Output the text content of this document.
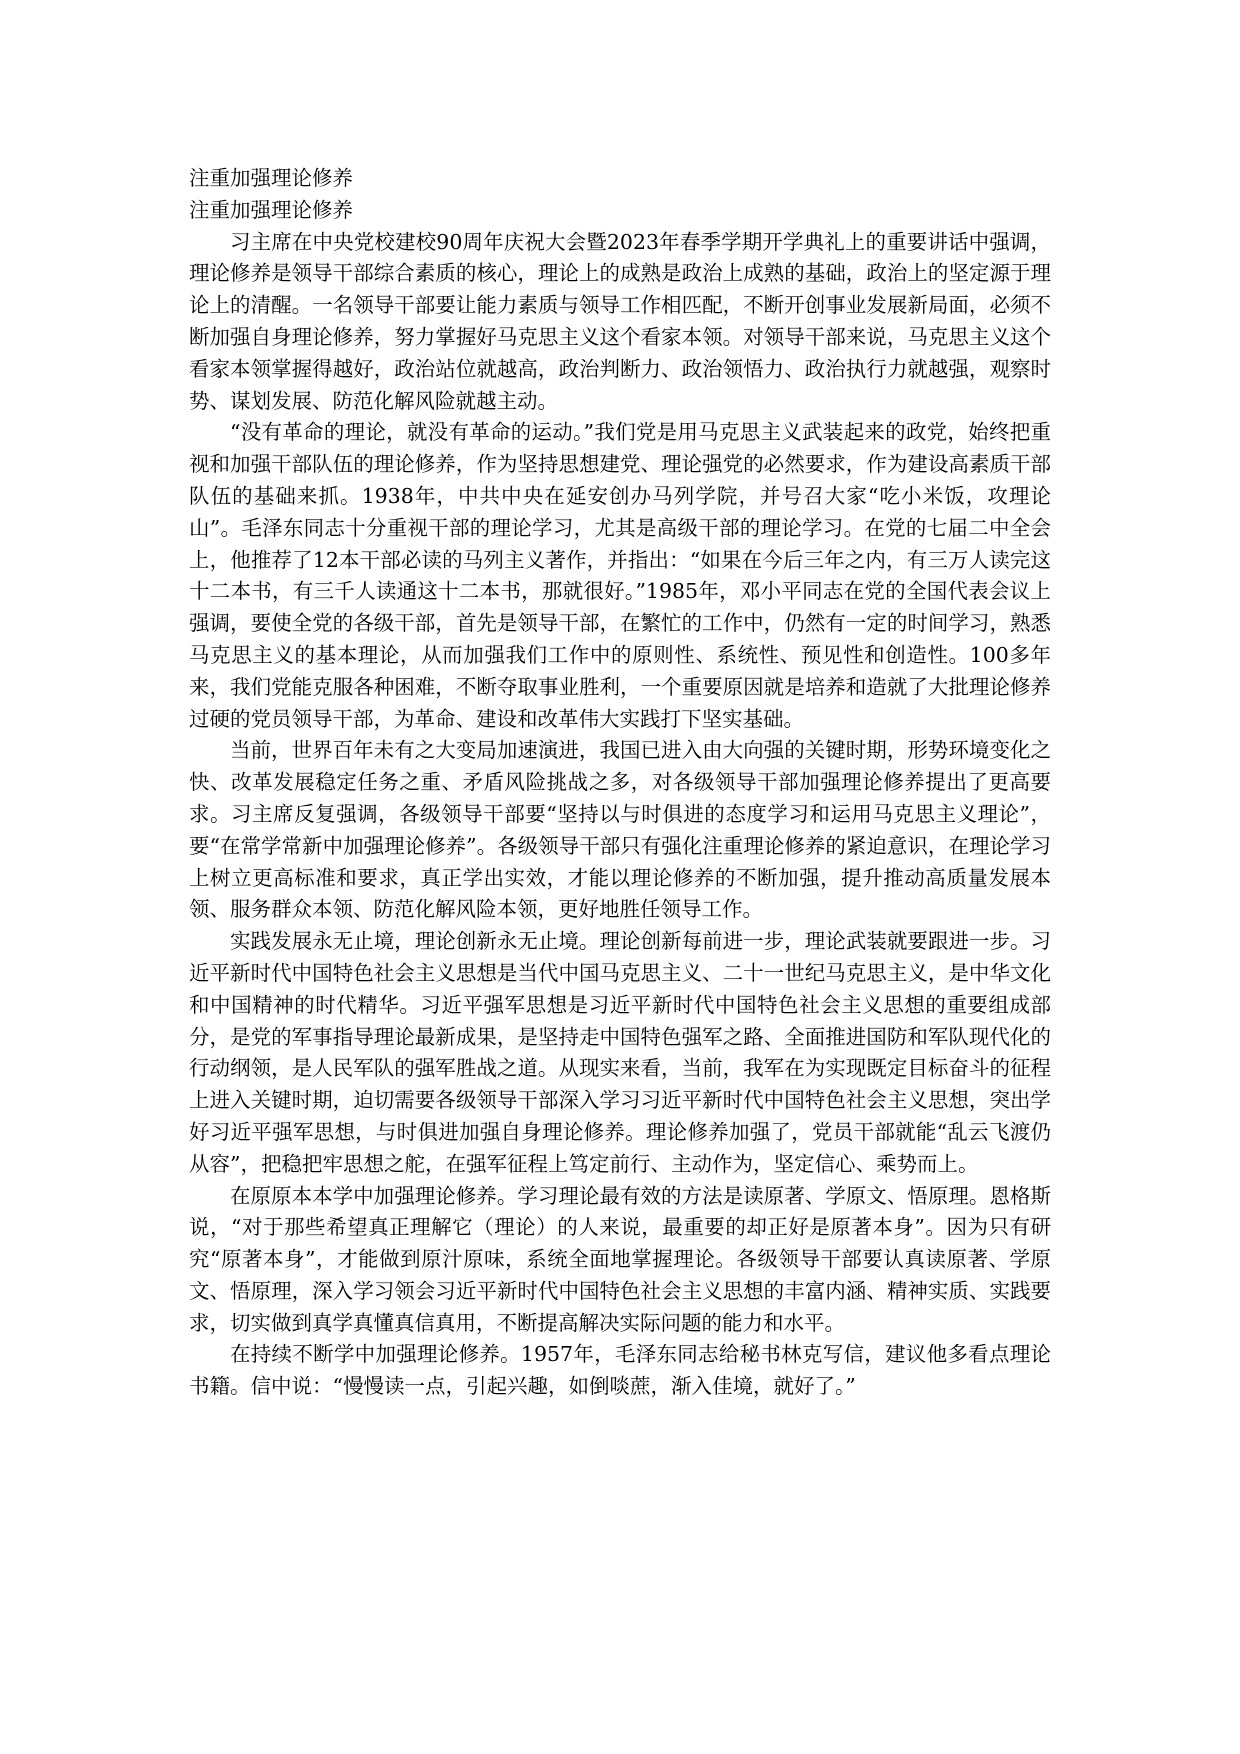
注重加强理论修养

注重加强理论修养

习主席在中央党校建校90周年庆祝大会暨2023年春季学期开学典礼上的重要讲话中强调，理论修养是领导干部综合素质的核心，理论上的成熟是政治上成熟的基础，政治上的坚定源于理论上的清醒。一名领导干部要让能力素质与领导工作相匹配，不断开创事业发展新局面，必须不断加强自身理论修养，努力掌握好马克思主义这个看家本领。对领导干部来说，马克思主义这个看家本领掌握得越好，政治站位就越高，政治判断力、政治领悟力、政治执行力就越强，观察时势、谋划发展、防范化解风险就越主动。

“没有革命的理论，就没有革命的运动。”我们党是用马克思主义武装起来的政党，始终把重视和加强干部队伍的理论修养，作为坚持思想建党、理论强党的必然要求，作为建设高素质干部队伍的基础来抓。1938年，中共中央在延安创办马列学院，并号召大家“吃小米饭，攻理论山”。毛泽东同志十分重视干部的理论学习，尤其是高级干部的理论学习。在党的七届二中全会上，他推荐了12本干部必读的马列主义著作，并指出：“如果在今后三年之内，有三万人读完这十二本书，有三千人读通这十二本书，那就很好。”1985年，邓小平同志在党的全国代表会议上强调，要使全党的各级干部，首先是领导干部，在繁忙的工作中，仍然有一定的时间学习，熟悉马克思主义的基本理论，从而加强我们工作中的原则性、系统性、预见性和创造性。100多年来，我们党能克服各种困难，不断夺取事业胜利，一个重要原因就是培养和造就了大批理论修养过硬的党员领导干部，为革命、建设和改革伟大实践打下坚实基础。

当前，世界百年未有之大变局加速演进，我国已进入由大向强的关键时期，形势环境变化之快、改革发展稳定任务之重、矛盾风险挑战之多，对各级领导干部加强理论修养提出了更高要求。习主席反复强调，各级领导干部要“坚持以与时俱进的态度学习和运用马克思主义理论”，要“在常学常新中加强理论修养”。各级领导干部只有强化注重理论修养的紧迫意识，在理论学习上树立更高标准和要求，真正学出实效，才能以理论修养的不断加强，提升推动高质量发展本领、服务群众本领、防范化解风险本领，更好地胜任领导工作。

实践发展永无止境，理论创新永无止境。理论创新每前进一步，理论武装就要跟进一步。习近平新时代中国特色社会主义思想是当代中国马克思主义、二十一世纪马克思主义，是中华文化和中国精神的时代精华。习近平强军思想是习近平新时代中国特色社会主义思想的重要组成部分，是党的军事指导理论最新成果，是坚持走中国特色强军之路、全面推进国防和军队现代化的行动纲领，是人民军队的强军胜战之道。从现实来看，当前，我军在为实现既定目标奋斗的征程上进入关键时期，迫切需要各级领导干部深入学习习近平新时代中国特色社会主义思想，突出学好习近平强军思想，与时俱进加强自身理论修养。理论修养加强了，党员干部就能“乱云飞渡仍从容”，把稳把牢思想之舵，在强军征程上笃定前行、主动作为，坚定信心、乘势而上。

在原原本本学中加强理论修养。学习理论最有效的方法是读原著、学原文、悟原理。恩格斯说，“对于那些希望真正理解它（理论）的人来说，最重要的却正好是原著本身”。因为只有研究“原著本身”，才能做到原汁原味，系统全面地掌握理论。各级领导干部要认真读原著、学原文、悟原理，深入学习领会习近平新时代中国特色社会主义思想的丰富内涵、精神实质、实践要求，切实做到真学真懂真信真用，不断提高解决实际问题的能力和水平。

在持续不断学中加强理论修养。1957年，毛泽东同志给秘书林克写信，建议他多看点理论书籍。信中说：“慢慢读一点，引起兴趣，如倒啖蔗，渐入佳境，就好了。”
